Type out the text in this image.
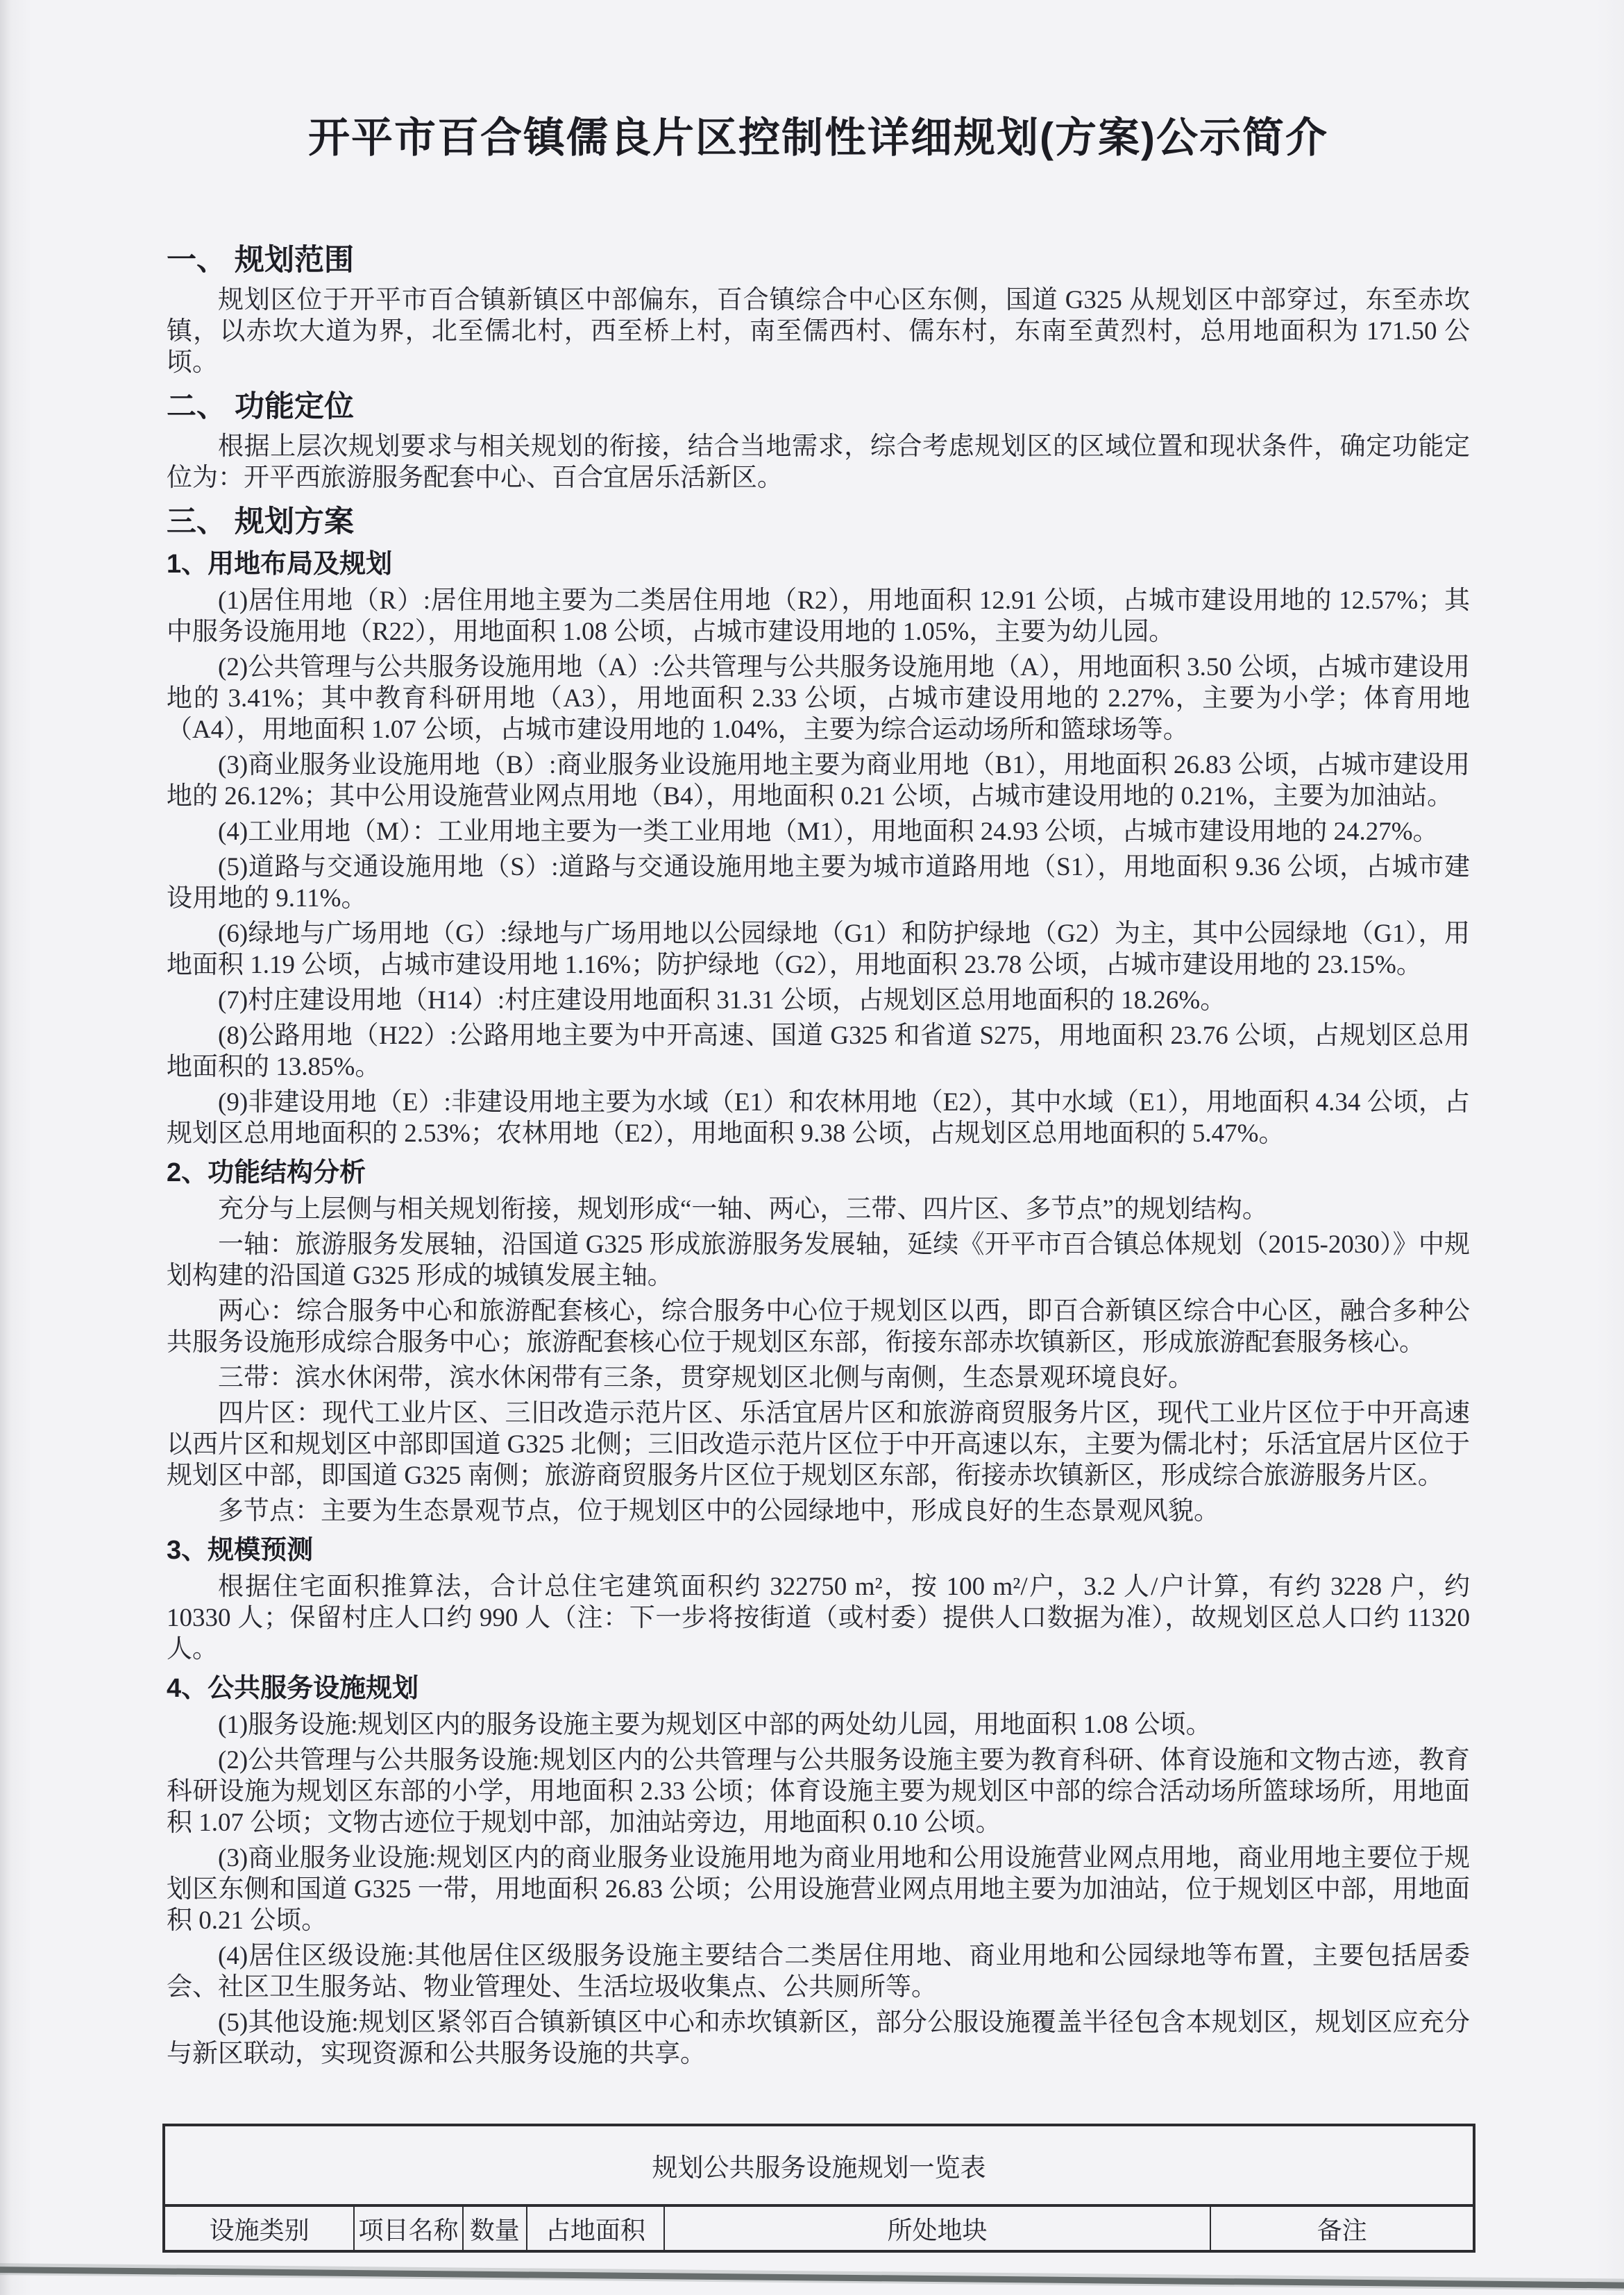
开平市百合镇儒良片区控制性详细规划(方案)公示简介
一、 规划范围

规划区位于开平市百合镇新镇区中部偏东，百合镇综合中心区东侧，国道 G325 从规划区中部穿过，东至赤坎镇，以赤坎大道为界，北至儒北村，西至桥上村，南至儒西村、儒东村，东南至黄烈村，总用地面积为 171.50 公顷。

二、 功能定位

根据上层次规划要求与相关规划的衔接，结合当地需求，综合考虑规划区的区域位置和现状条件，确定功能定位为：开平西旅游服务配套中心、百合宜居乐活新区。

三、 规划方案
1、用地布局及规划

(1)居住用地（R）:居住用地主要为二类居住用地（R2），用地面积 12.91 公顷，占城市建设用地的 12.57%；其中服务设施用地（R22），用地面积 1.08 公顷，占城市建设用地的 1.05%，主要为幼儿园。

(2)公共管理与公共服务设施用地（A）:公共管理与公共服务设施用地（A），用地面积 3.50 公顷，占城市建设用地的 3.41%；其中教育科研用地（A3），用地面积 2.33 公顷，占城市建设用地的 2.27%，主要为小学；体育用地（A4），用地面积 1.07 公顷，占城市建设用地的 1.04%，主要为综合运动场所和篮球场等。

(3)商业服务业设施用地（B）:商业服务业设施用地主要为商业用地（B1），用地面积 26.83 公顷，占城市建设用地的 26.12%；其中公用设施营业网点用地（B4），用地面积 0.21 公顷，占城市建设用地的 0.21%，主要为加油站。

(4)工业用地（M）：工业用地主要为一类工业用地（M1），用地面积 24.93 公顷，占城市建设用地的 24.27%。

(5)道路与交通设施用地（S）:道路与交通设施用地主要为城市道路用地（S1），用地面积 9.36 公顷，占城市建设用地的 9.11%。

(6)绿地与广场用地（G）:绿地与广场用地以公园绿地（G1）和防护绿地（G2）为主，其中公园绿地（G1），用地面积 1.19 公顷，占城市建设用地 1.16%；防护绿地（G2），用地面积 23.78 公顷，占城市建设用地的 23.15%。

(7)村庄建设用地（H14）:村庄建设用地面积 31.31 公顷，占规划区总用地面积的 18.26%。

(8)公路用地（H22）:公路用地主要为中开高速、国道 G325 和省道 S275，用地面积 23.76 公顷，占规划区总用地面积的 13.85%。

(9)非建设用地（E）:非建设用地主要为水域（E1）和农林用地（E2），其中水域（E1），用地面积 4.34 公顷，占规划区总用地面积的 2.53%；农林用地（E2），用地面积 9.38 公顷，占规划区总用地面积的 5.47%。

2、功能结构分析

充分与上层侧与相关规划衔接，规划形成“一轴、两心，三带、四片区、多节点”的规划结构。

一轴：旅游服务发展轴，沿国道 G325 形成旅游服务发展轴，延续《开平市百合镇总体规划（2015-2030）》中规划构建的沿国道 G325 形成的城镇发展主轴。

两心：综合服务中心和旅游配套核心，综合服务中心位于规划区以西，即百合新镇区综合中心区，融合多种公共服务设施形成综合服务中心；旅游配套核心位于规划区东部，衔接东部赤坎镇新区，形成旅游配套服务核心。

三带：滨水休闲带，滨水休闲带有三条，贯穿规划区北侧与南侧，生态景观环境良好。

四片区：现代工业片区、三旧改造示范片区、乐活宜居片区和旅游商贸服务片区，现代工业片区位于中开高速以西片区和规划区中部即国道 G325 北侧；三旧改造示范片区位于中开高速以东，主要为儒北村；乐活宜居片区位于规划区中部，即国道 G325 南侧；旅游商贸服务片区位于规划区东部，衔接赤坎镇新区，形成综合旅游服务片区。

多节点：主要为生态景观节点，位于规划区中的公园绿地中，形成良好的生态景观风貌。

3、规模预测

根据住宅面积推算法，合计总住宅建筑面积约 322750 m²，按 100 m²/户，3.2 人/户计算，有约 3228 户，约 10330 人；保留村庄人口约 990 人（注：下一步将按街道（或村委）提供人口数据为准），故规划区总人口约 11320 人。

4、公共服务设施规划

(1)服务设施:规划区内的服务设施主要为规划区中部的两处幼儿园，用地面积 1.08 公顷。

(2)公共管理与公共服务设施:规划区内的公共管理与公共服务设施主要为教育科研、体育设施和文物古迹，教育科研设施为规划区东部的小学，用地面积 2.33 公顷；体育设施主要为规划区中部的综合活动场所篮球场所，用地面积 1.07 公顷；文物古迹位于规划中部，加油站旁边，用地面积 0.10 公顷。

(3)商业服务业设施:规划区内的商业服务业设施用地为商业用地和公用设施营业网点用地，商业用地主要位于规划区东侧和国道 G325 一带，用地面积 26.83 公顷；公用设施营业网点用地主要为加油站，位于规划区中部，用地面积 0.21 公顷。

(4)居住区级设施:其他居住区级服务设施主要结合二类居住用地、商业用地和公园绿地等布置，主要包括居委会、社区卫生服务站、物业管理处、生活垃圾收集点、公共厕所等。

(5)其他设施:规划区紧邻百合镇新镇区中心和赤坎镇新区，部分公服设施覆盖半径包含本规划区，规划区应充分与新区联动，实现资源和公共服务设施的共享。

规划公共服务设施规划一览表
设施类别	项目名称 数量	占地面积	所处地块	备注
